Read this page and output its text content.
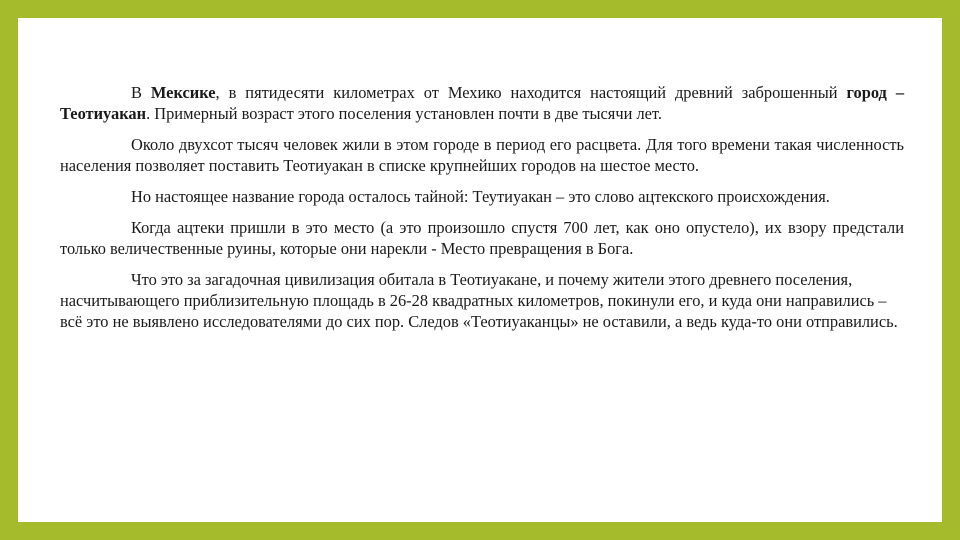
В Мексике, в пятидесяти километрах от Мехико находится настоящий древний заброшенный город – Теотиуакан. Примерный возраст этого поселения установлен почти в две тысячи лет.

Около двухсот тысяч человек жили в этом городе в период его расцвета. Для того времени такая численность населения позволяет поставить Теотиуакан в списке крупнейших городов на шестое место.

Но настоящее название города осталось тайной: Теутиуакан – это слово ацтекского происхождения.

Когда ацтеки пришли в это место (а это произошло спустя 700 лет, как оно опустело), их взору предстали только величественные руины, которые они нарекли - Место превращения в Бога.

Что это за загадочная цивилизация обитала в Теотиуакане, и почему жители этого древнего поселения, насчитывающего приблизительную площадь в 26-28 квадратных километров, покинули его, и куда они направились – всё это не выявлено исследователями до сих пор. Следов «Теотиуаканцы» не оставили, а ведь куда-то они отправились.
